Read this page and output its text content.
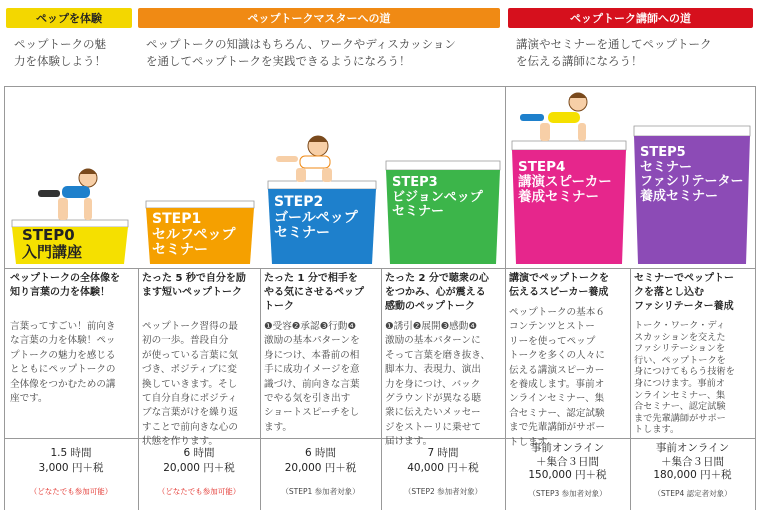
ペップを体験	ペップトークマスターへの道	ペップトーク講師への道
ペップトークの魅
力を体験しよう！
ペップトークの知識はもちろん、ワークやディスカッション
を通してペップトークを実践できるようになろう！
講演やセミナーを通してペップトーク
を伝える講師になろう！
STEP0
入門講座
STEP1
セルフペップ
セミナー
STEP2
ゴールペップ
セミナー
STEP3
ビジョンペップ
セミナー
STEP4
講演スピーカー
養成セミナー
STEP5
セミナー
ファシリテーター
養成セミナー
ペップトークの全体像を
知り言葉の力を体験！
たった 5 秒で自分を励
ます短いペップトーク
たった 1 分で相手を
やる気にさせるペップ
トーク
たった 2 分で聴衆の心
をつかみ、心が震える
感動のペップトーク
講演でペップトークを
伝えるスピーカー養成
セミナーでペップトー
クを落とし込む
ファシリテーター養成
言葉ってすごい！前向き
な言葉の力を体験！ペッ
プトークの魅力を感じる
とともにペップトークの
全体像をつかむための講
座です。
ペップトーク習得の最
初の一歩。普段自分
が使っている言葉に気
づき、ポジティブに変
換していきます。そし
て自分自身にポジティ
ブな言葉がけを繰り返
すことで前向きな心の
状態を作ります。
❶受容❷承認❸行動❹
激励の基本パターンを
身につけ、本番前の相
手に成功イメージを意
識づけ、前向きな言葉
でやる気を引き出す
ショートスピーチをし
ます。
❶誘引❷展開❸感動❹
激励の基本パターンに
そって言葉を磨き抜き、
脚本力、表現力、演出
力を身につけ、バック
グラウンドが異なる聴
衆に伝えたいメッセー
ジをストーリに乗せて
届けます。
ペップトークの基本６
コンテンツとストー
リーを使ってペップ
トークを多くの人々に
伝える講演スピーカー
を養成します。事前オ
ンラインセミナー、集
合セミナー、認定試験
まで先輩講師がサポー
トします。
トーク・ワーク・ディ
スカッションを交えた
ファシリテーションを
行い、ペップトークを
身につけてもらう技術を
身につけます。事前オ
ンラインセミナー、集
合セミナー、認定試験
まで先輩講師がサポー
トします。
1.5 時間
3,000 円＋税
（どなたでも参加可能）
6 時間
20,000 円＋税
（どなたでも参加可能）
6 時間
20,000 円＋税
（STEP1 参加者対象）
7 時間
40,000 円＋税
（STEP2 参加者対象）
事前オンライン
＋集合３日間
150,000 円＋税
（STEP3 参加者対象）
事前オンライン
＋集合３日間
180,000 円＋税
（STEP4 認定者対象）
